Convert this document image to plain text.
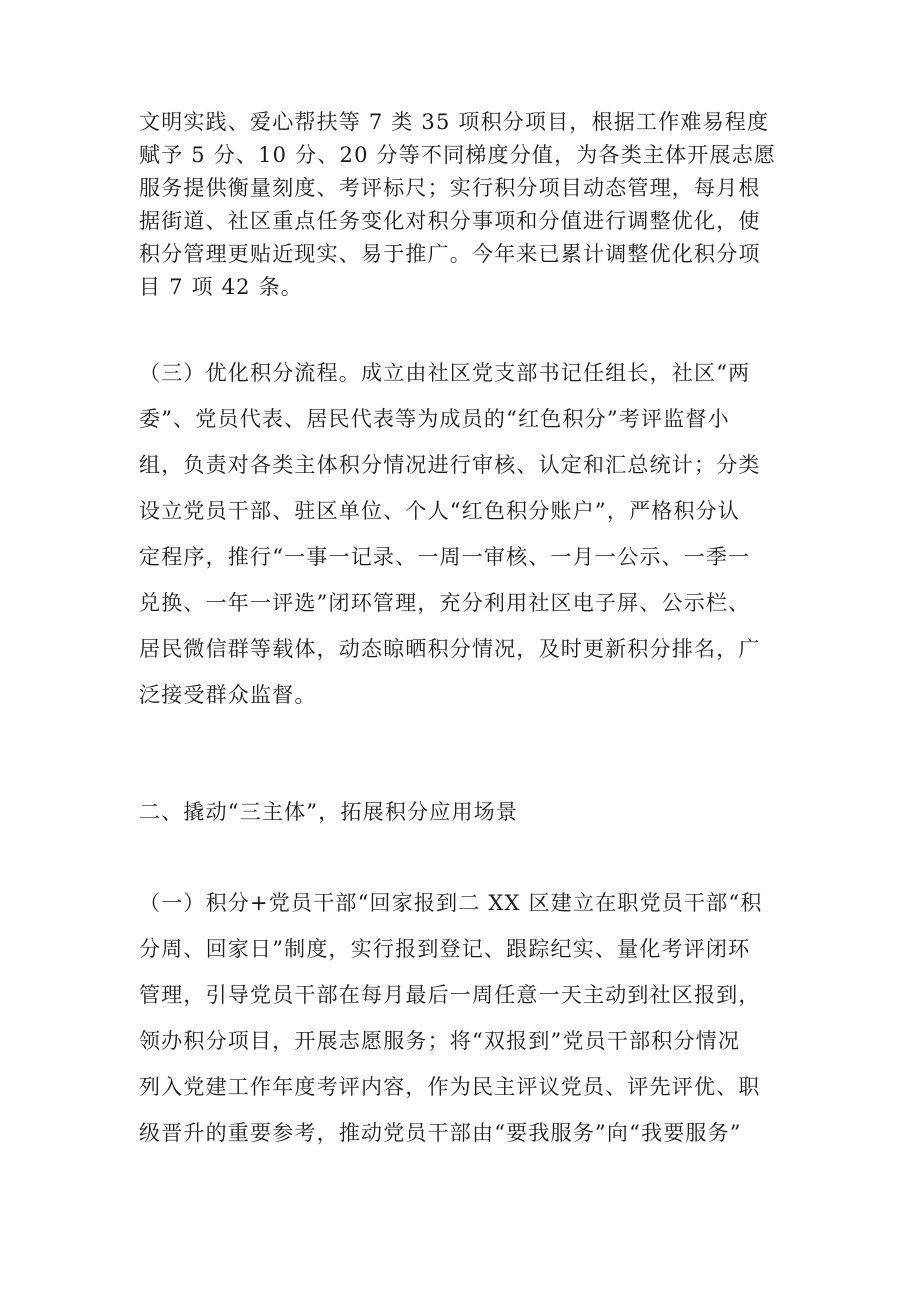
文明实践、爱心帮扶等 7 类 35 项积分项目，根据工作难易程度
赋予 5 分、10 分、20 分等不同梯度分值，为各类主体开展志愿
服务提供衡量刻度、考评标尺；实行积分项目动态管理，每月根
据街道、社区重点任务变化对积分事项和分值进行调整优化，使
积分管理更贴近现实、易于推广。今年来已累计调整优化积分项
目 7 项 42 条。
（三）优化积分流程。成立由社区党支部书记任组长，社区“两
委”、党员代表、居民代表等为成员的“红色积分”考评监督小
组，负责对各类主体积分情况进行审核、认定和汇总统计；分类
设立党员干部、驻区单位、个人“红色积分账户”，严格积分认
定程序，推行“一事一记录、一周一审核、一月一公示、一季一
兑换、一年一评选”闭环管理，充分利用社区电子屏、公示栏、
居民微信群等载体，动态晾晒积分情况，及时更新积分排名，广
泛接受群众监督。
二、撬动“三主体”，拓展积分应用场景
（一）积分+党员干部“回家报到二 XX 区建立在职党员干部“积
分周、回家日”制度，实行报到登记、跟踪纪实、量化考评闭环
管理，引导党员干部在每月最后一周任意一天主动到社区报到，
领办积分项目，开展志愿服务；将“双报到”党员干部积分情况
列入党建工作年度考评内容，作为民主评议党员、评先评优、职
级晋升的重要参考，推动党员干部由“要我服务”向“我要服务”
